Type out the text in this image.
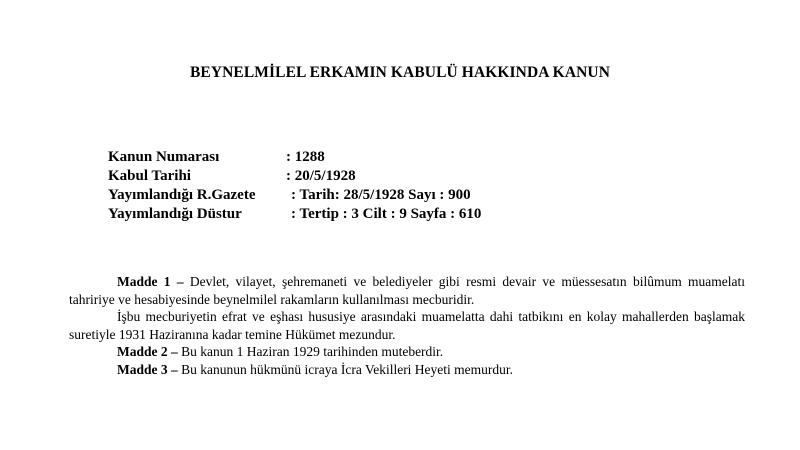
BEYNELMİLEL ERKAMIN KABULÜ HAKKINDA KANUN
Kanun Numarası	: 1288
Kabul Tarihi	: 20/5/1928
Yayımlandığı R.Gazete : Tarih: 28/5/1928 Sayı : 900
Yayımlandığı Düstur	: Tertip : 3 Cilt : 9 Sayfa : 610

Madde 1 – Devlet, vilayet, şehremaneti ve belediyeler gibi resmi devair ve müessesatın bilûmum muamelatı tahririye ve hesabiyesinde beynelmilel rakamların kullanılması mecburidir.

İşbu mecburiyetin efrat ve eşhası hususiye arasındaki muamelatta dahi tatbikını en kolay mahallerden başlamak suretiyle 1931 Haziranına kadar temine Hükümet mezundur.

Madde 2 – Bu kanun 1 Haziran 1929 tarihinden muteberdir.

Madde 3 – Bu kanunun hükmünü icraya İcra Vekilleri Heyeti memurdur.
